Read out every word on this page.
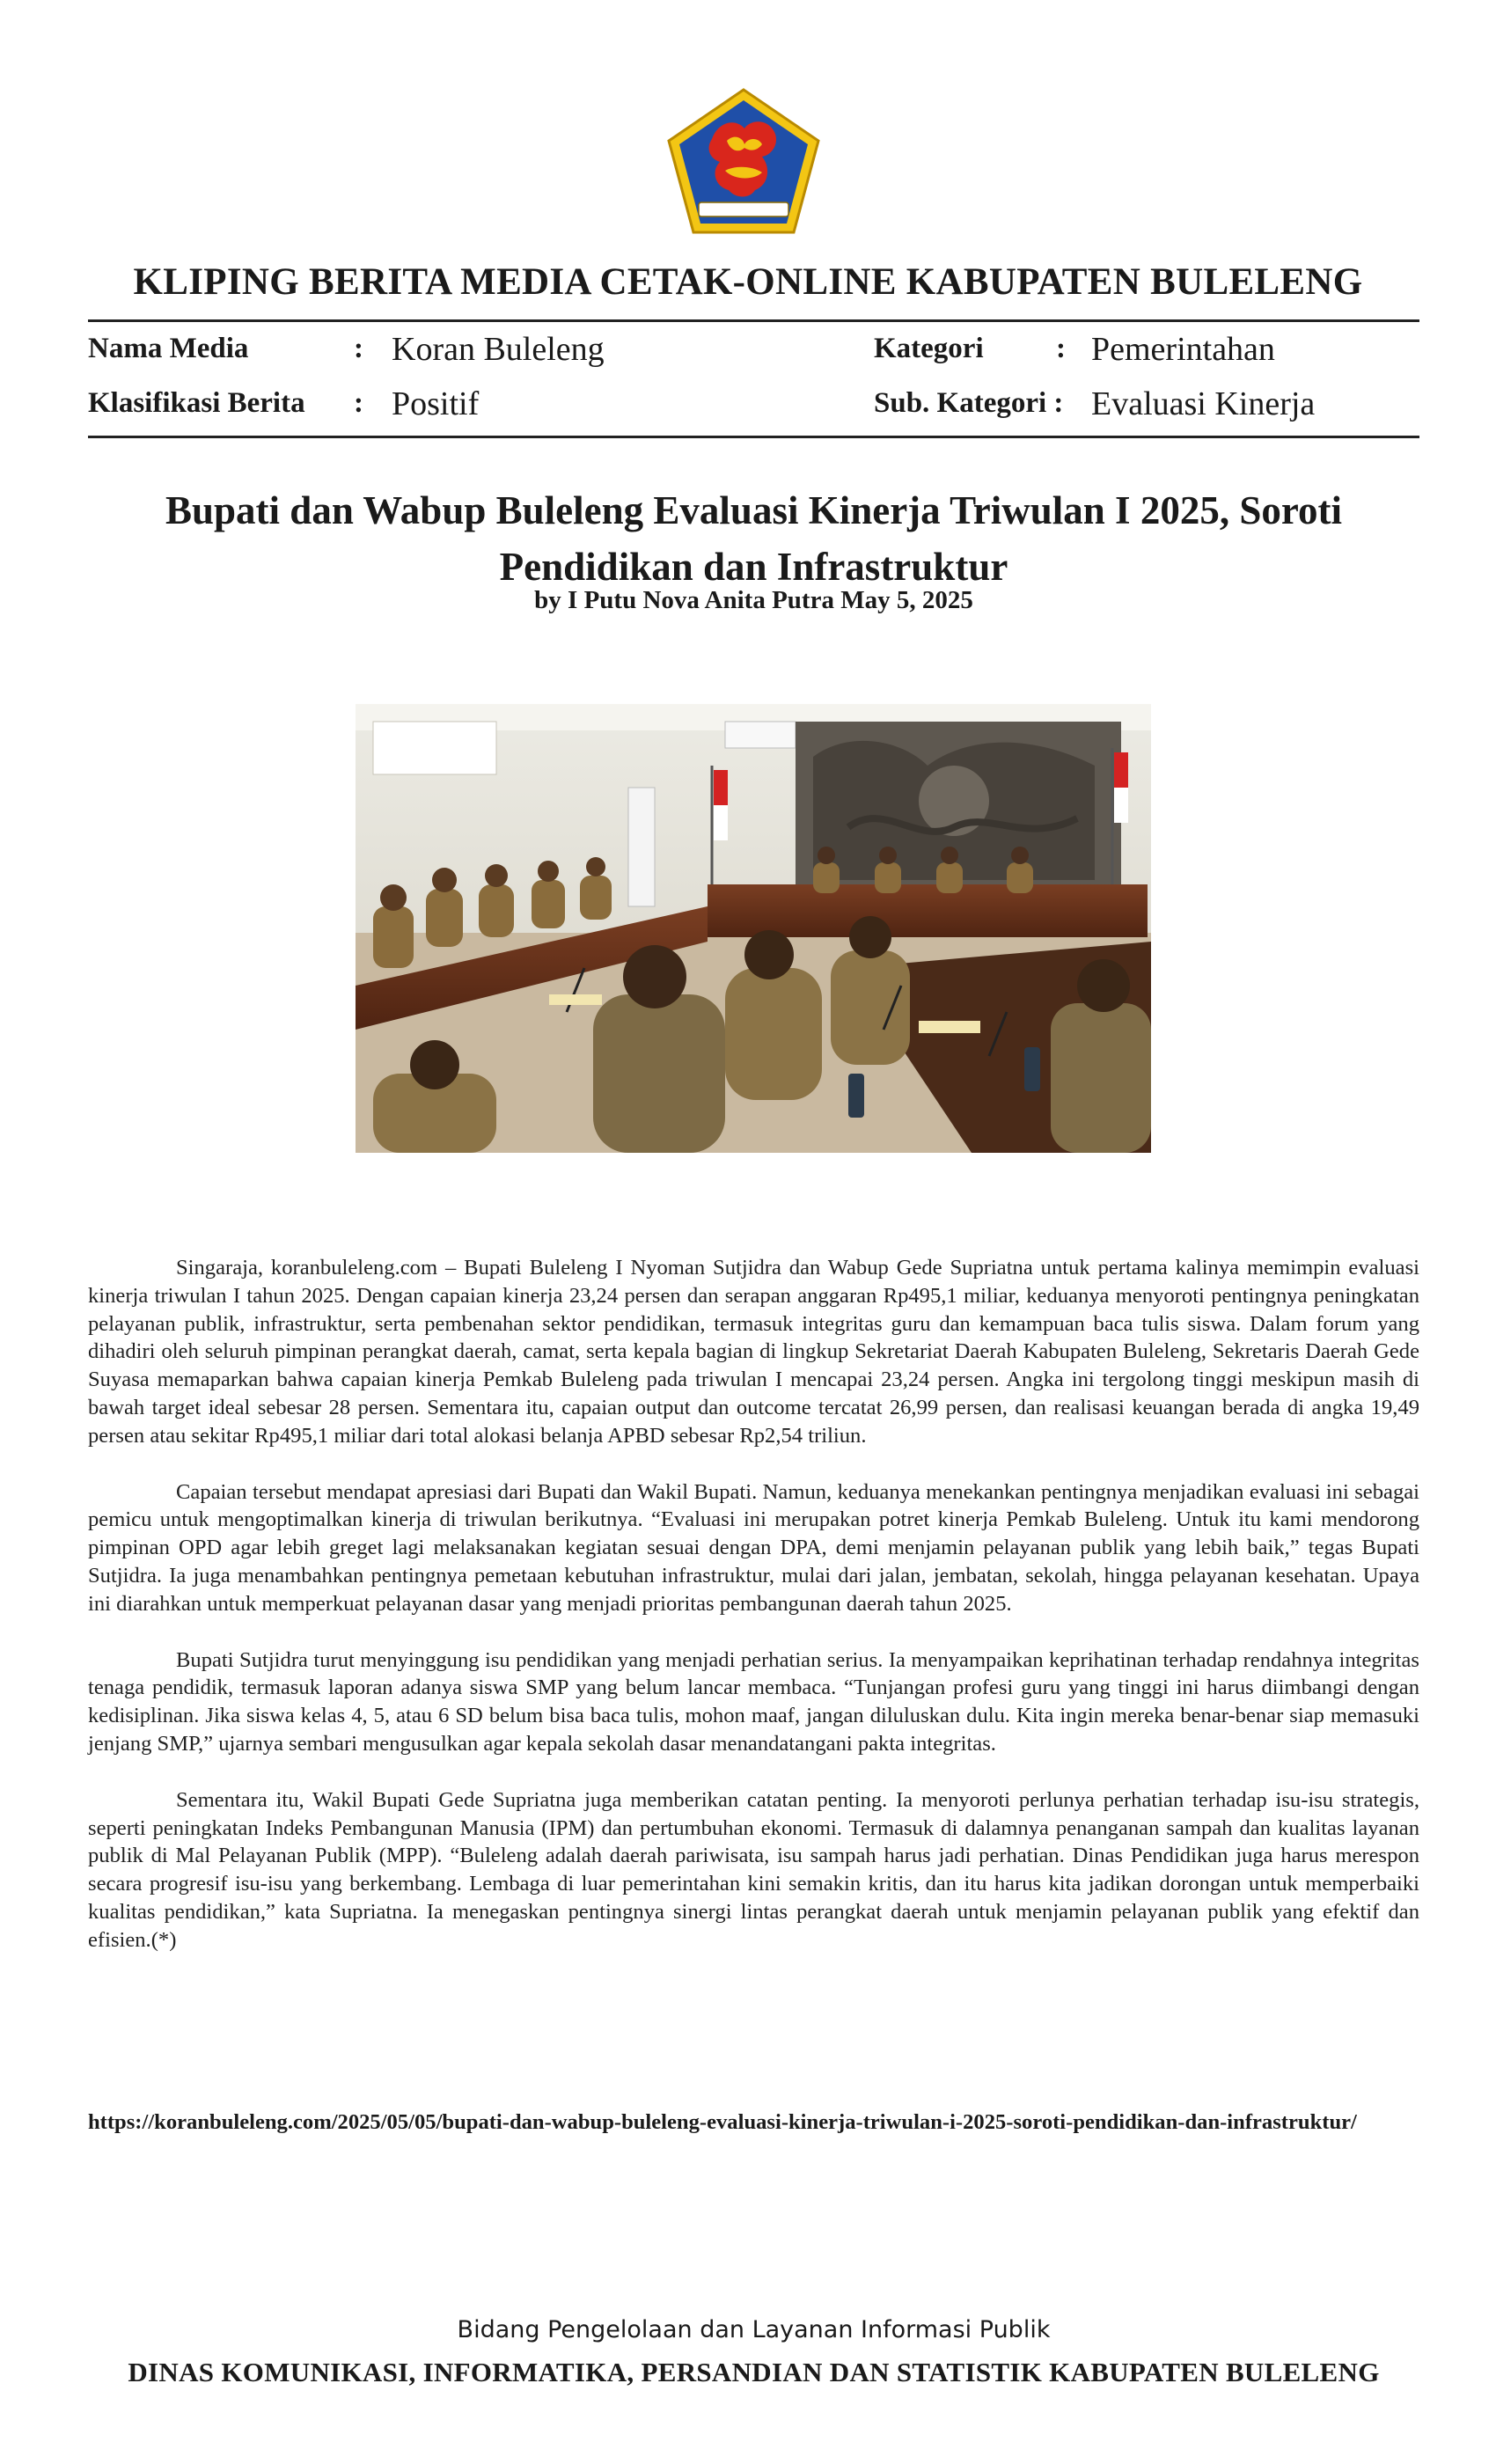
KLIPING BERITA MEDIA CETAK-ONLINE KABUPATEN BULELENG
Nama Media	: Koran Buleleng	Kategori : Pemerintahan
Klasifikasi Berita : Positif	Sub. Kategori : Evaluasi Kinerja
Bupati dan Wabup Buleleng Evaluasi Kinerja Triwulan I 2025, Soroti Pendidikan dan Infrastruktur
by I Putu Nova Anita Putra May 5, 2025

Singaraja, koranbuleleng.com – Bupati Buleleng I Nyoman Sutjidra dan Wabup Gede Supriatna untuk pertama kalinya memimpin evaluasi kinerja triwulan I tahun 2025. Dengan capaian kinerja 23,24 persen dan serapan anggaran Rp495,1 miliar, keduanya menyoroti pentingnya peningkatan pelayanan publik, infrastruktur, serta pembenahan sektor pendidikan, termasuk integritas guru dan kemampuan baca tulis siswa. Dalam forum yang dihadiri oleh seluruh pimpinan perangkat daerah, camat, serta kepala bagian di lingkup Sekretariat Daerah Kabupaten Buleleng, Sekretaris Daerah Gede Suyasa memaparkan bahwa capaian kinerja Pemkab Buleleng pada triwulan I mencapai 23,24 persen. Angka ini tergolong tinggi meskipun masih di bawah target ideal sebesar 28 persen. Sementara itu, capaian output dan outcome tercatat 26,99 persen, dan realisasi keuangan berada di angka 19,49 persen atau sekitar Rp495,1 miliar dari total alokasi belanja APBD sebesar Rp2,54 triliun.

Capaian tersebut mendapat apresiasi dari Bupati dan Wakil Bupati. Namun, keduanya menekankan pentingnya menjadikan evaluasi ini sebagai pemicu untuk mengoptimalkan kinerja di triwulan berikutnya. “Evaluasi ini merupakan potret kinerja Pemkab Buleleng. Untuk itu kami mendorong pimpinan OPD agar lebih greget lagi melaksanakan kegiatan sesuai dengan DPA, demi menjamin pelayanan publik yang lebih baik,” tegas Bupati Sutjidra. Ia juga menambahkan pentingnya pemetaan kebutuhan infrastruktur, mulai dari jalan, jembatan, sekolah, hingga pelayanan kesehatan. Upaya ini diarahkan untuk memperkuat pelayanan dasar yang menjadi prioritas pembangunan daerah tahun 2025.

Bupati Sutjidra turut menyinggung isu pendidikan yang menjadi perhatian serius. Ia menyampaikan keprihatinan terhadap rendahnya integritas tenaga pendidik, termasuk laporan adanya siswa SMP yang belum lancar membaca. “Tunjangan profesi guru yang tinggi ini harus diimbangi dengan kedisiplinan. Jika siswa kelas 4, 5, atau 6 SD belum bisa baca tulis, mohon maaf, jangan diluluskan dulu. Kita ingin mereka benar-benar siap memasuki jenjang SMP,” ujarnya sembari mengusulkan agar kepala sekolah dasar menandatangani pakta integritas.

Sementara itu, Wakil Bupati Gede Supriatna juga memberikan catatan penting. Ia menyoroti perlunya perhatian terhadap isu-isu strategis, seperti peningkatan Indeks Pembangunan Manusia (IPM) dan pertumbuhan ekonomi. Termasuk di dalamnya penanganan sampah dan kualitas layanan publik di Mal Pelayanan Publik (MPP). “Buleleng adalah daerah pariwisata, isu sampah harus jadi perhatian. Dinas Pendidikan juga harus merespon secara progresif isu-isu yang berkembang. Lembaga di luar pemerintahan kini semakin kritis, dan itu harus kita jadikan dorongan untuk memperbaiki kualitas pendidikan,” kata Supriatna. Ia menegaskan pentingnya sinergi lintas perangkat daerah untuk menjamin pelayanan publik yang efektif dan efisien.(*)

https://koranbuleleng.com/2025/05/05/bupati-dan-wabup-buleleng-evaluasi-kinerja-triwulan-i-2025-soroti-pendidikan-dan-infrastruktur/
Bidang Pengelolaan dan Layanan Informasi Publik
DINAS KOMUNIKASI, INFORMATIKA, PERSANDIAN DAN STATISTIK KABUPATEN BULELENG
